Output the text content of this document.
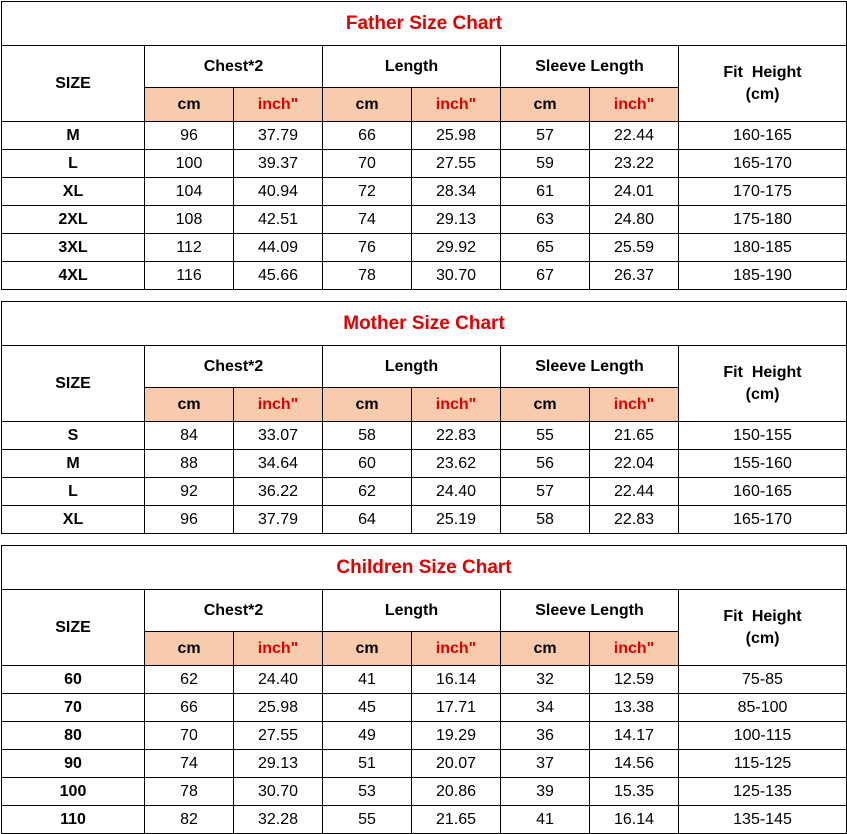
Father Size Chart							
SIZE	Chest*2		Length		Sleeve Length		Fit  Height
(cm)

	cm	inch"	cm	inch"	cm	inch"	
M	96	37.79	66	25.98	57	22.44	160-165
L	100	39.37	70	27.55	59	23.22	165-170
XL	104	40.94	72	28.34	61	24.01	170-175
2XL	108	42.51	74	29.13	63	24.80	175-180
3XL	112	44.09	76	29.92	65	25.59	180-185
4XL	116	45.66	78	30.70	67	26.37	185-190
Mother Size Chart							
SIZE	Chest*2		Length		Sleeve Length		Fit  Height
(cm)

	cm	inch"	cm	inch"	cm	inch"	
S	84	33.07	58	22.83	55	21.65	150-155
M	88	34.64	60	23.62	56	22.04	155-160
L	92	36.22	62	24.40	57	22.44	160-165
XL	96	37.79	64	25.19	58	22.83	165-170
Children Size Chart							
SIZE	Chest*2		Length		Sleeve Length		Fit  Height
(cm)

	cm	inch"	cm	inch"	cm	inch"	
60	62	24.40	41	16.14	32	12.59	75-85
70	66	25.98	45	17.71	34	13.38	85-100
80	70	27.55	49	19.29	36	14.17	100-115
90	74	29.13	51	20.07	37	14.56	115-125
100	78	30.70	53	20.86	39	15.35	125-135
110	82	32.28	55	21.65	41	16.14	135-145
